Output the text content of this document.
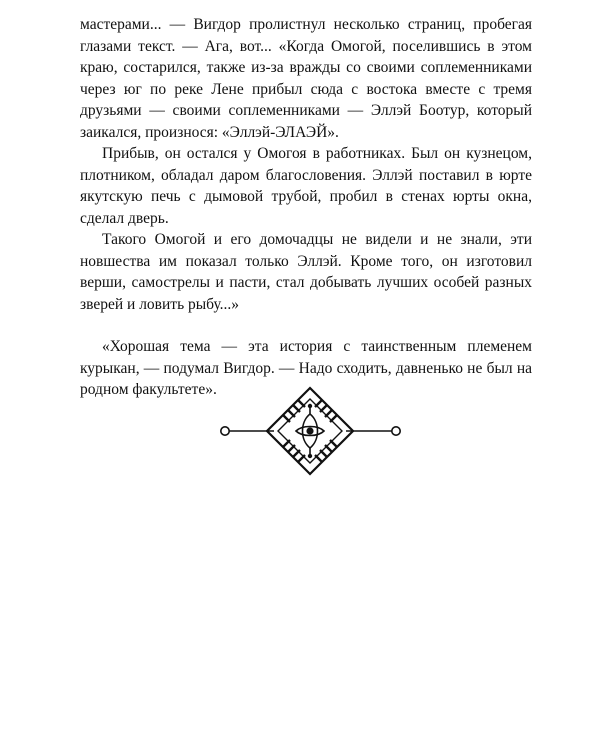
мастерами... — Вигдор пролистнул несколько страниц, пробегая глазами текст. — Ага, вот... «Когда Омогой, поселившись в этом краю, состарился, также из-за вражды со своими соплеменниками через юг по реке Лене прибыл сюда с востока вместе с тремя друзьями — своими соплеменниками — Эллэй Боотур, который заикался, произнося: «Эллэй-ЭЛАЭЙ».

Прибыв, он остался у Омогоя в работниках. Был он кузнецом, плотником, обладал даром благословения. Эллэй поставил в юрте якутскую печь с дымовой трубой, пробил в стенах юрты окна, сделал дверь.

Такого Омогой и его домочадцы не видели и не знали, эти новшества им показал только Эллэй. Кроме того, он изготовил верши, самострелы и пасти, стал добывать лучших особей разных зверей и ловить рыбу...»

«Хорошая тема — эта история с таинственным племенем курыкан, — подумал Вигдор. — Надо сходить, давненько не был на родном факультете».
